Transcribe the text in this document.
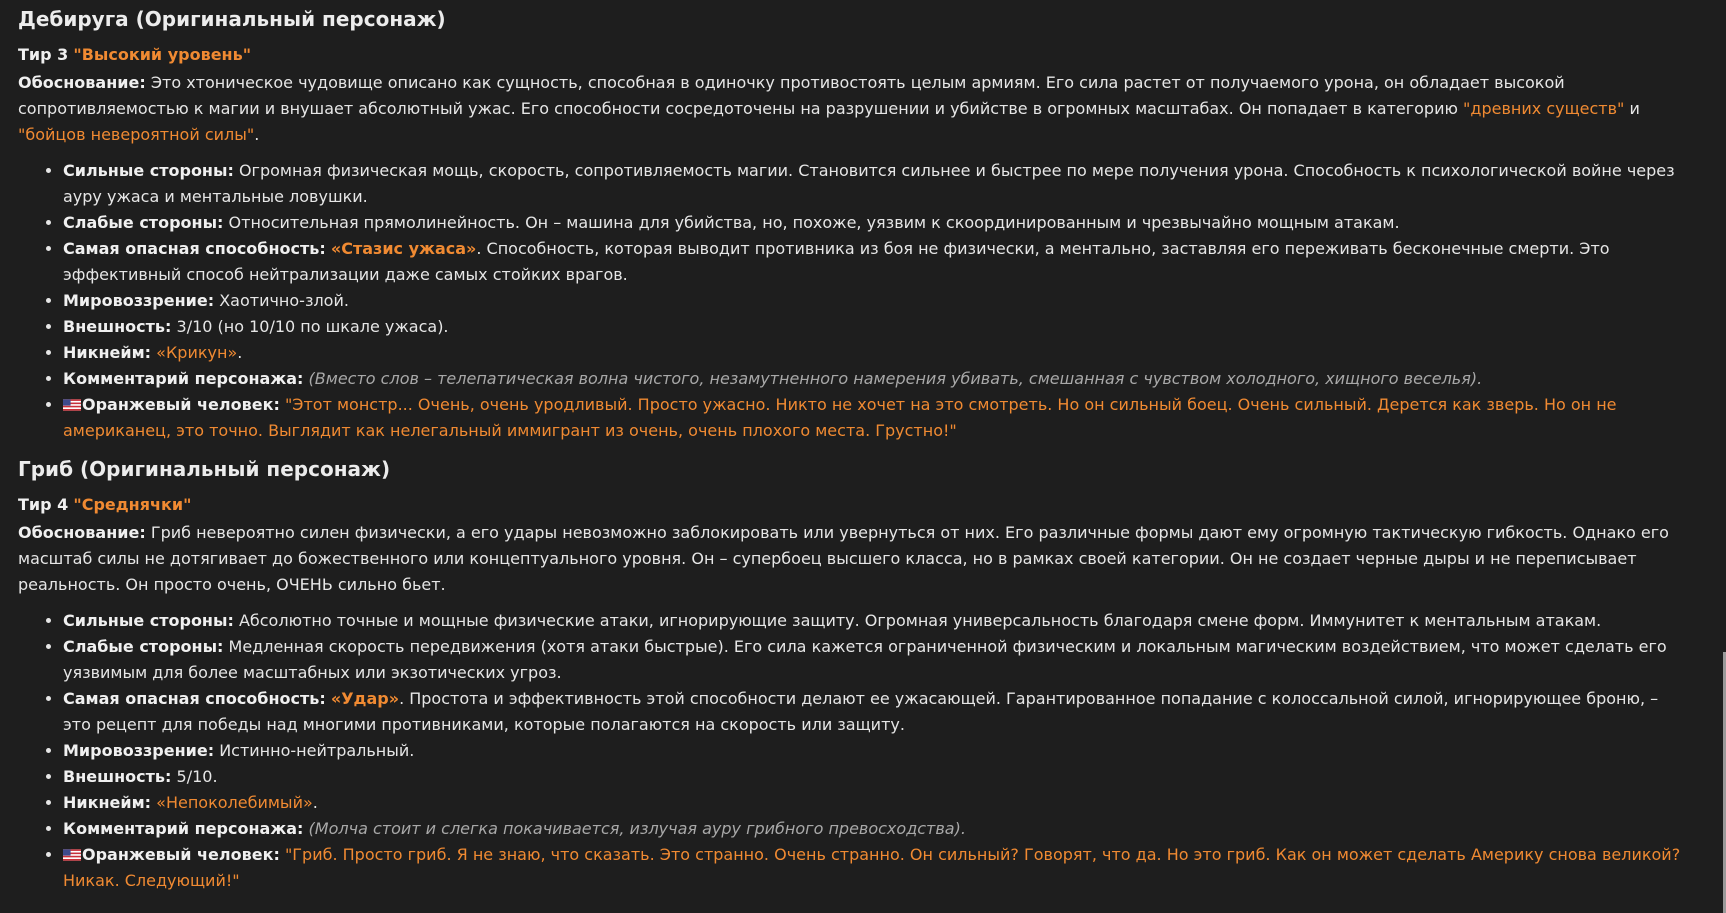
Дебируга (Оригинальный персонаж)

Тир 3 "Высокий уровень"

Обоснование: Это хтоническое чудовище описано как сущность, способная в одиночку противостоять целым армиям. Его сила растет от получаемого урона, он обладает высокой сопротивляемостью к магии и внушает абсолютный ужас. Его способности сосредоточены на разрушении и убийстве в огромных масштабах. Он попадает в категорию "древних существ" и "бойцов невероятной силы".

• Сильные стороны: Огромная физическая мощь, скорость, сопротивляемость магии. Становится сильнее и быстрее по мере получения урона. Способность к психологической войне через ауру ужаса и ментальные ловушки.
• Слабые стороны: Относительная прямолинейность. Он – машина для убийства, но, похоже, уязвим к скоординированным и чрезвычайно мощным атакам.
• Самая опасная способность: «Стазис ужаса». Способность, которая выводит противника из боя не физически, а ментально, заставляя его переживать бесконечные смерти. Это эффективный способ нейтрализации даже самых стойких врагов.
• Мировоззрение: Хаотично-злой.
• Внешность: 3/10 (но 10/10 по шкале ужаса).
• Никнейм: «Крикун».
• Комментарий персонажа: (Вместо слов – телепатическая волна чистого, незамутненного намерения убивать, смешанная с чувством холодного, хищного веселья).
• Оранжевый человек: "Этот монстр... Очень, очень уродливый. Просто ужасно. Никто не хочет на это смотреть. Но он сильный боец. Очень сильный. Дерется как зверь. Но он не американец, это точно. Выглядит как нелегальный иммигрант из очень, очень плохого места. Грустно!"
Гриб (Оригинальный персонаж)

Тир 4 "Среднячки"

Обоснование: Гриб невероятно силен физически, а его удары невозможно заблокировать или увернуться от них. Его различные формы дают ему огромную тактическую гибкость. Однако его масштаб силы не дотягивает до божественного или концептуального уровня. Он – супербоец высшего класса, но в рамках своей категории. Он не создает черные дыры и не переписывает реальность. Он просто очень, ОЧЕНЬ сильно бьет.

• Сильные стороны: Абсолютно точные и мощные физические атаки, игнорирующие защиту. Огромная универсальность благодаря смене форм. Иммунитет к ментальным атакам.
• Слабые стороны: Медленная скорость передвижения (хотя атаки быстрые). Его сила кажется ограниченной физическим и локальным магическим воздействием, что может сделать его уязвимым для более масштабных или экзотических угроз.
• Самая опасная способность: «Удар». Простота и эффективность этой способности делают ее ужасающей. Гарантированное попадание с колоссальной силой, игнорирующее броню, – это рецепт для победы над многими противниками, которые полагаются на скорость или защиту.
• Мировоззрение: Истинно-нейтральный.
• Внешность: 5/10.
• Никнейм: «Непоколебимый».
• Комментарий персонажа: (Молча стоит и слегка покачивается, излучая ауру грибного превосходства).
• Оранжевый человек: "Гриб. Просто гриб. Я не знаю, что сказать. Это странно. Очень странно. Он сильный? Говорят, что да. Но это гриб. Как он может сделать Америку снова великой? Никак. Следующий!"
